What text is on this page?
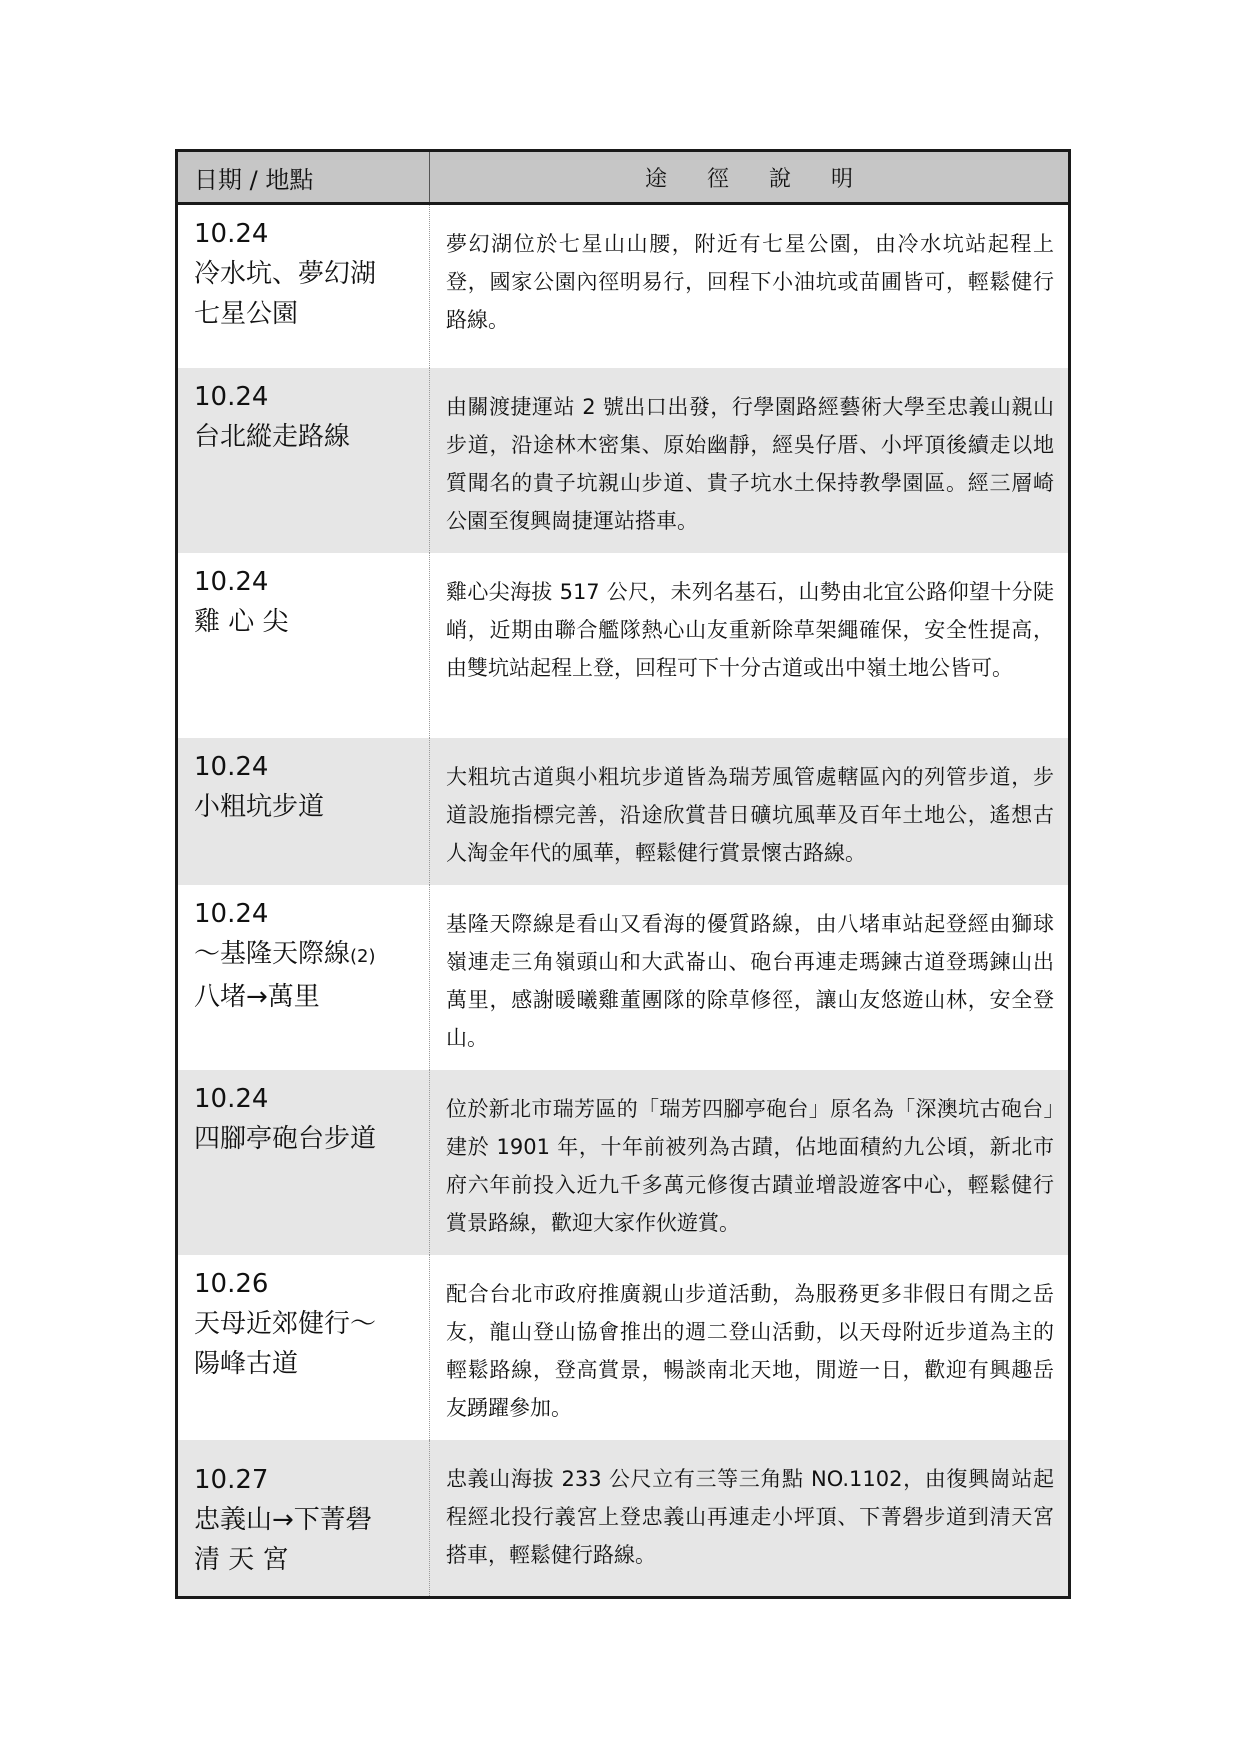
日期 / 地點	途徑說明
10.24
冷水坑、夢幻湖
七星公園
夢幻湖位於七星山山腰，附近有七星公園，由冷水坑站起程上登，國家公園內徑明易行，回程下小油坑或苗圃皆可，輕鬆健行路線。
10.24
台北縱走路線
由關渡捷運站 2 號出口出發，行學園路經藝術大學至忠義山親山步道，沿途林木密集、原始幽靜，經吳仔厝、小坪頂後續走以地質聞名的貴子坑親山步道、貴子坑水土保持教學園區。經三層崎公園至復興崗捷運站搭車。
10.24
雞 心 尖
雞心尖海拔 517 公尺，未列名基石，山勢由北宜公路仰望十分陡峭，近期由聯合艦隊熱心山友重新除草架繩確保，安全性提高，由雙坑站起程上登，回程可下十分古道或出中嶺土地公皆可。
10.24
小粗坑步道
大粗坑古道與小粗坑步道皆為瑞芳風管處轄區內的列管步道，步道設施指標完善，沿途欣賞昔日礦坑風華及百年土地公，遙想古人淘金年代的風華，輕鬆健行賞景懷古路線。
10.24
～基隆天際線(2)
八堵→萬里
基隆天際線是看山又看海的優質路線，由八堵車站起登經由獅球嶺連走三角嶺頭山和大武崙山、砲台再連走瑪鍊古道登瑪鍊山出萬里，感謝暖曦雞董團隊的除草修徑，讓山友悠遊山林，安全登山。
10.24
四腳亭砲台步道
位於新北市瑞芳區的「瑞芳四腳亭砲台」原名為「深澳坑古砲台」建於 1901 年，十年前被列為古蹟，佔地面積約九公頃，新北市府六年前投入近九千多萬元修復古蹟並增設遊客中心，輕鬆健行賞景路線，歡迎大家作伙遊賞。
10.26
天母近郊健行～
陽峰古道
配合台北市政府推廣親山步道活動，為服務更多非假日有閒之岳友，龍山登山協會推出的週二登山活動，以天母附近步道為主的輕鬆路線，登高賞景，暢談南北天地，閒遊一日，歡迎有興趣岳友踴躍參加。
10.27
忠義山→下菁礐
清 天 宮
忠義山海拔 233 公尺立有三等三角點 NO.1102，由復興崗站起程經北投行義宮上登忠義山再連走小坪頂、下菁礐步道到清天宮搭車，輕鬆健行路線。
